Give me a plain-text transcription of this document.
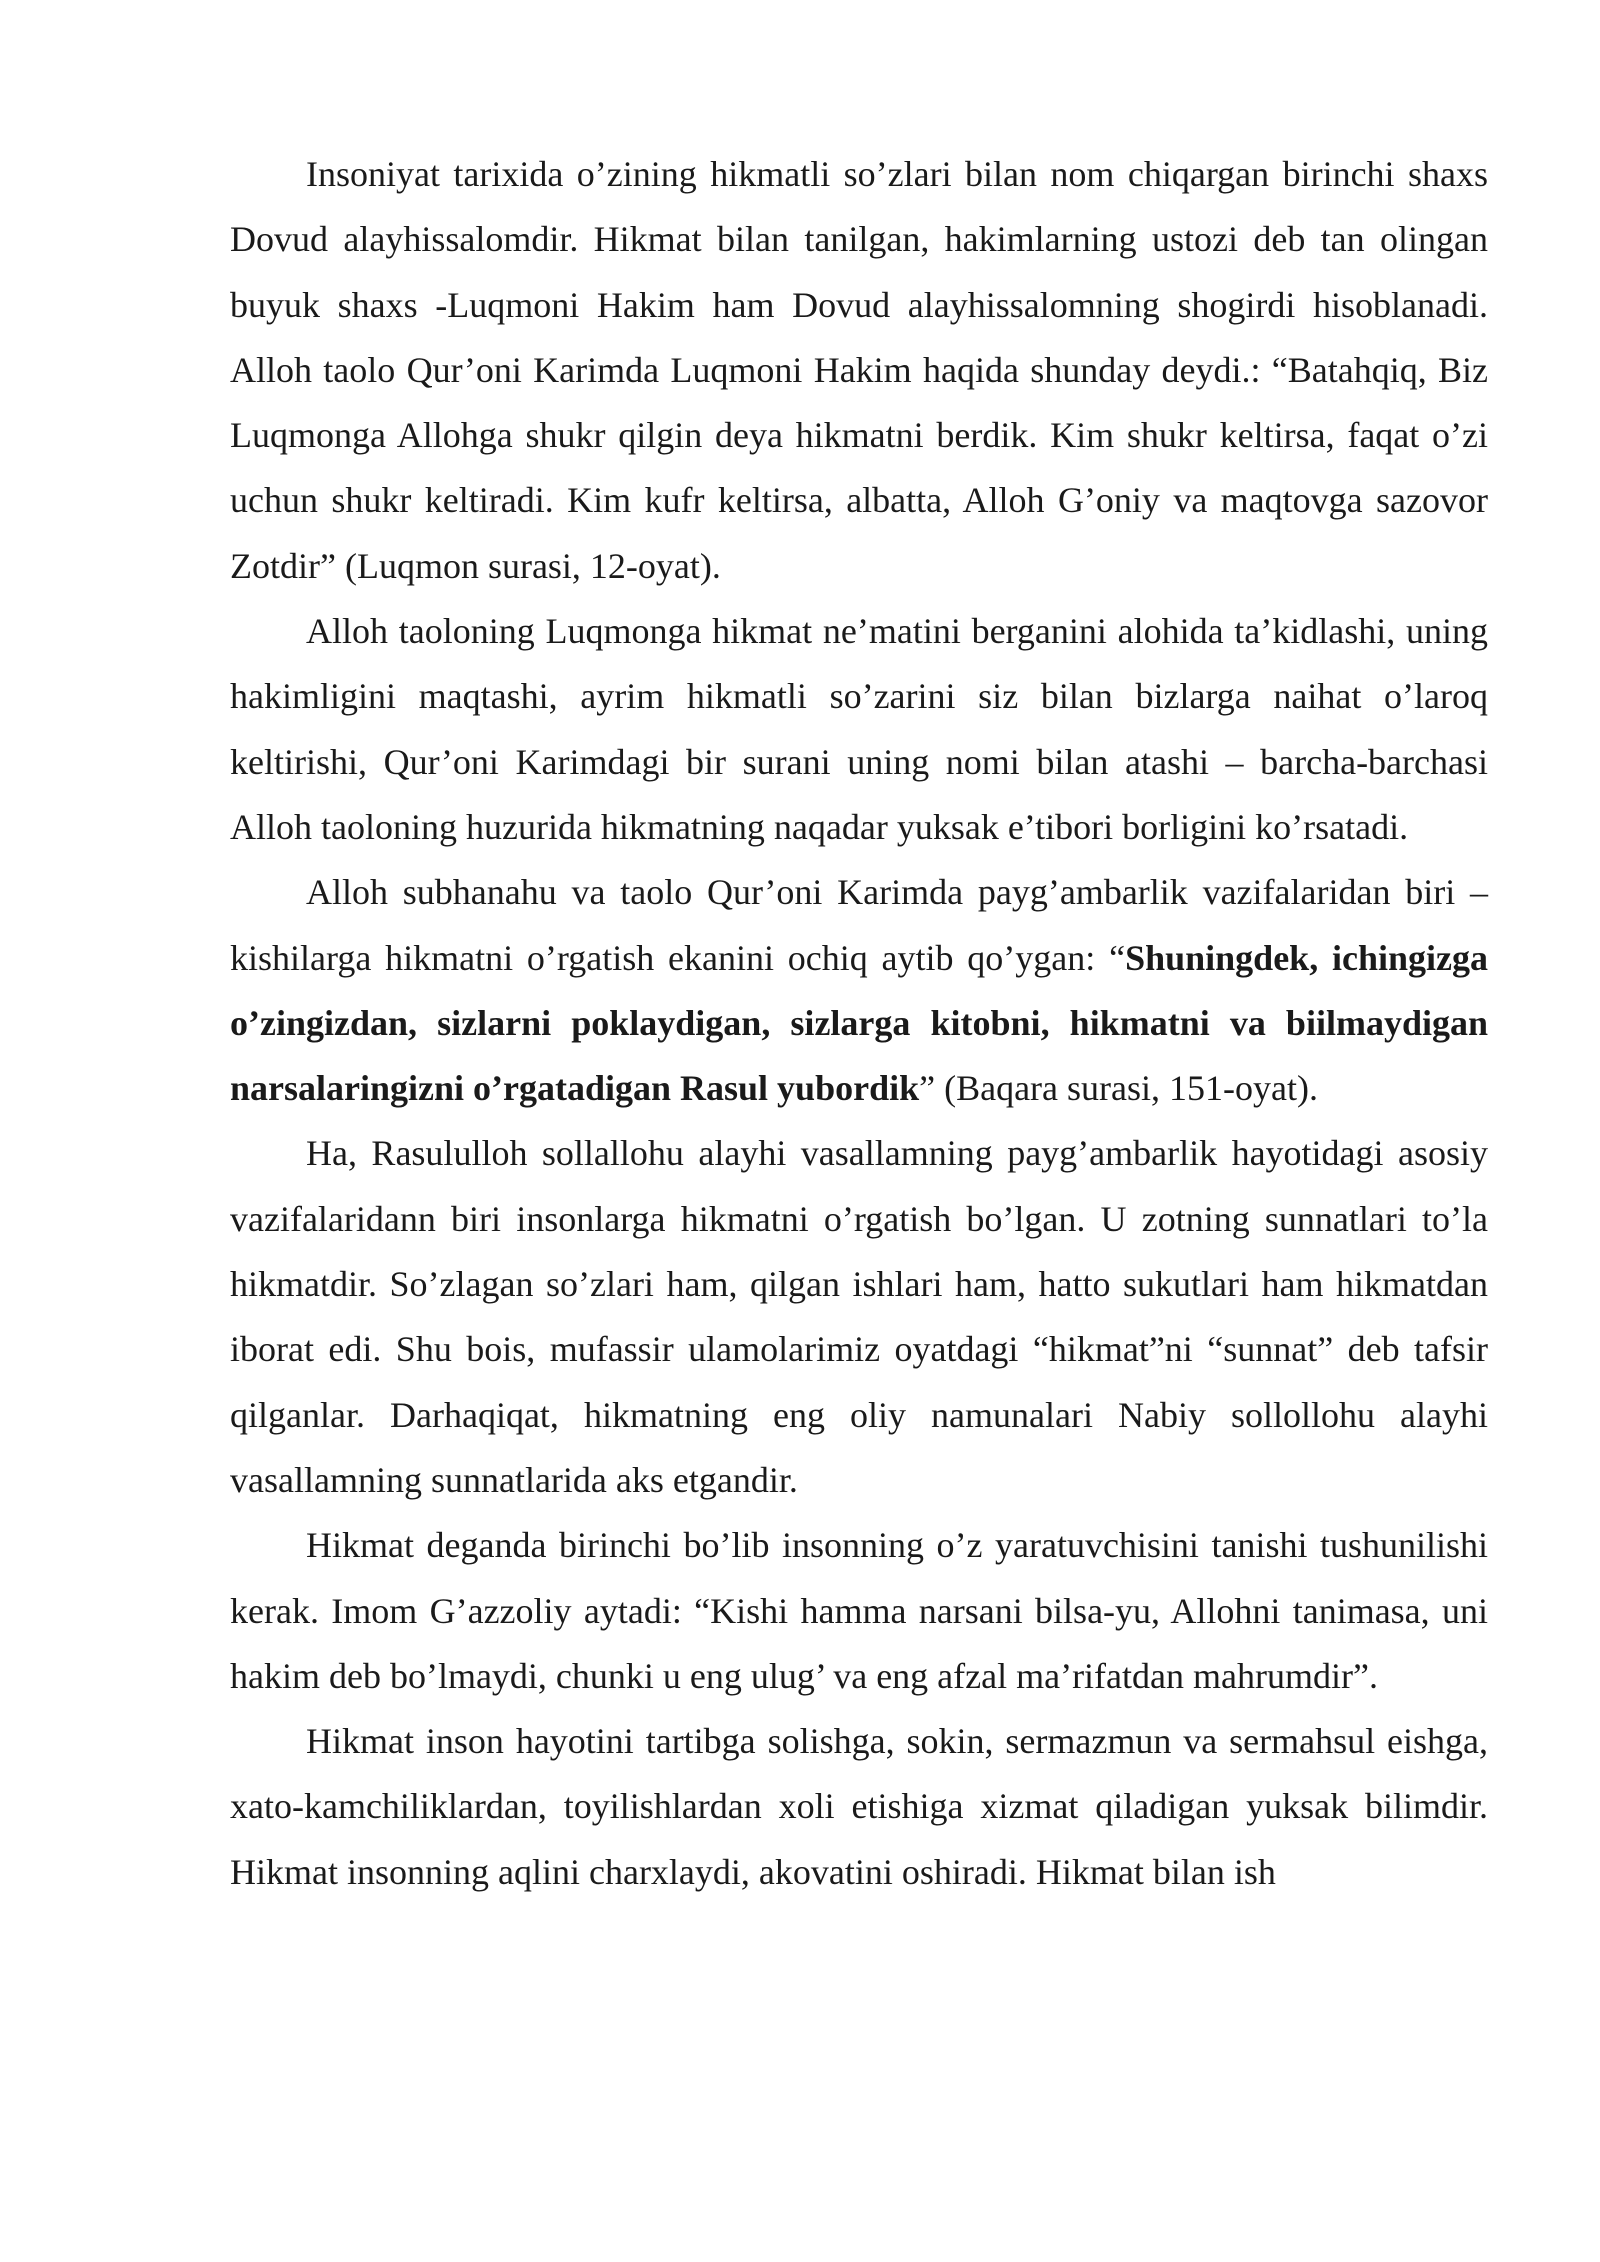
Insoniyat tarixida o’zining hikmatli so’zlari bilan nom chiqargan birinchi shaxs Dovud alayhissalomdir. Hikmat bilan tanilgan, hakimlarning ustozi deb tan olingan buyuk shaxs -Luqmoni Hakim ham Dovud alayhissalomning shogirdi hisoblanadi. Alloh taolo Qur’oni Karimda Luqmoni Hakim haqida shunday deydi.: “Batahqiq, Biz Luqmonga Allohga shukr qilgin deya hikmatni berdik. Kim shukr keltirsa, faqat o’zi uchun shukr keltiradi. Kim kufr keltirsa, albatta, Alloh G’oniy va maqtovga sazovor Zotdir” (Luqmon surasi, 12-oyat).

Alloh taoloning Luqmonga hikmat ne’matini berganini alohida ta’kidlashi, uning hakimligini maqtashi, ayrim hikmatli so’zarini siz bilan bizlarga naihat o’laroq keltirishi, Qur’oni Karimdagi bir surani uning nomi bilan atashi – barcha-barchasi Alloh taoloning huzurida hikmatning naqadar yuksak e’tibori borligini ko’rsatadi.

Alloh subhanahu va taolo Qur’oni Karimda payg’ambarlik vazifalaridan biri – kishilarga hikmatni o’rgatish ekanini ochiq aytib qo’ygan: “Shuningdek, ichingizga o’zingizdan, sizlarni poklaydigan, sizlarga kitobni, hikmatni va biilmaydigan narsalaringizni o’rgatadigan Rasul yubordik” (Baqara surasi, 151-oyat).

Ha, Rasululloh sollallohu alayhi vasallamning payg’ambarlik hayotidagi asosiy vazifalaridann biri insonlarga hikmatni o’rgatish bo’lgan. U zotning sunnatlari to’la hikmatdir. So’zlagan so’zlari ham, qilgan ishlari ham, hatto sukutlari ham hikmatdan iborat edi. Shu bois, mufassir ulamolarimiz oyatdagi “hikmat”ni “sunnat” deb tafsir qilganlar. Darhaqiqat, hikmatning eng oliy namunalari Nabiy sollollohu alayhi vasallamning sunnatlarida aks etgandir.

Hikmat deganda birinchi bo’lib insonning o’z yaratuvchisini tanishi tushunilishi kerak. Imom G’azzoliy aytadi: “Kishi hamma narsani bilsa-yu, Allohni tanimasa, uni hakim deb bo’lmaydi, chunki u eng ulug’ va eng afzal ma’rifatdan mahrumdir”.

Hikmat inson hayotini tartibga solishga, sokin, sermazmun va sermahsul eishga, xato-kamchiliklardan, toyilishlardan xoli etishiga xizmat qiladigan yuksak bilimdir. Hikmat insonning aqlini charxlaydi, akovatini oshiradi. Hikmat bilan ish
